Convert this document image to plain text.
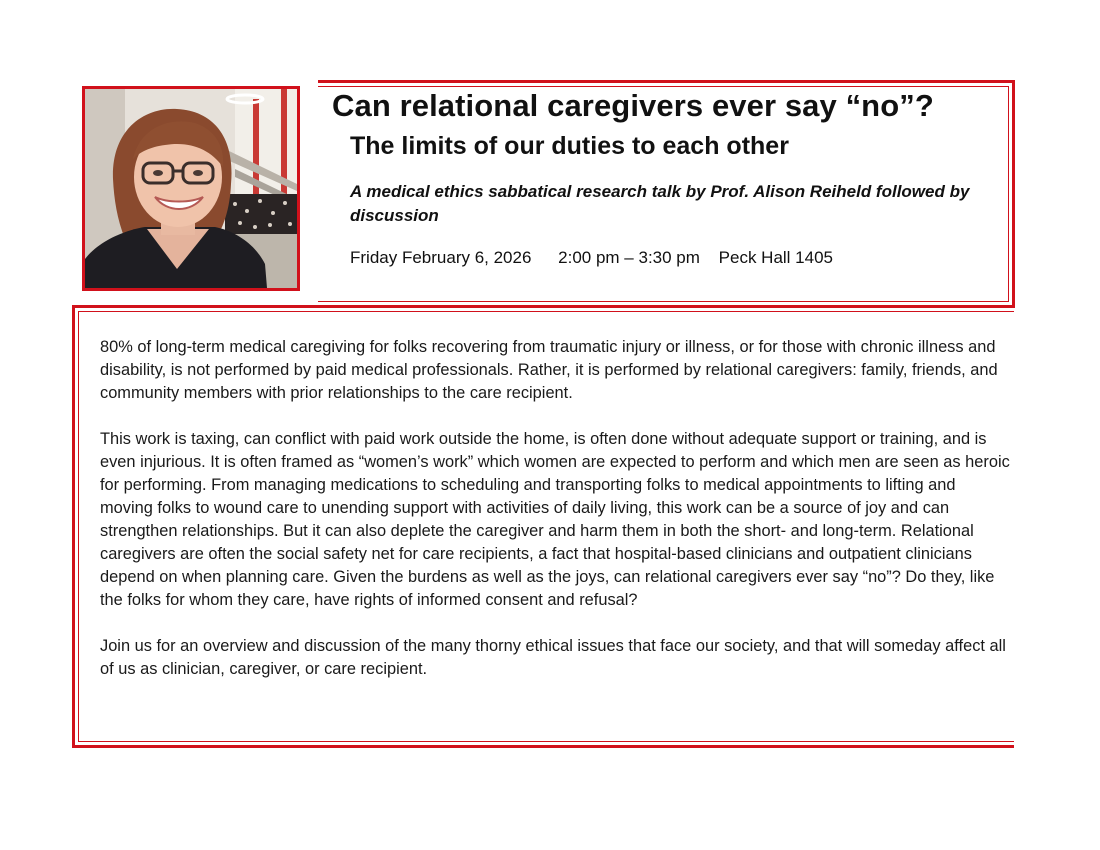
Can relational caregivers ever say “no”?
The limits of our duties to each other

A medical ethics sabbatical research talk by Prof. Alison Reiheld followed by discussion

Friday February 6, 2026 2:00 pm – 3:30 pm Peck Hall 1405

80% of long-term medical caregiving for folks recovering from traumatic injury or illness, or for those with chronic illness and disability, is not performed by paid medical professionals. Rather, it is performed by relational caregivers: family, friends, and community members with prior relationships to the care recipient.

This work is taxing, can conflict with paid work outside the home, is often done without adequate support or training, and is even injurious. It is often framed as “women’s work” which women are expected to perform and which men are seen as heroic for performing. From managing medications to scheduling and transporting folks to medical appointments to lifting and moving folks to wound care to unending support with activities of daily living, this work can be a source of joy and can strengthen relationships. But it can also deplete the caregiver and harm them in both the short- and long-term. Relational caregivers are often the social safety net for care recipients, a fact that hospital-based clinicians and outpatient clinicians depend on when planning care. Given the burdens as well as the joys, can relational caregivers ever say “no”? Do they, like the folks for whom they care, have rights of informed consent and refusal?

Join us for an overview and discussion of the many thorny ethical issues that face our society, and that will someday affect all of us as clinician, caregiver, or care recipient.
